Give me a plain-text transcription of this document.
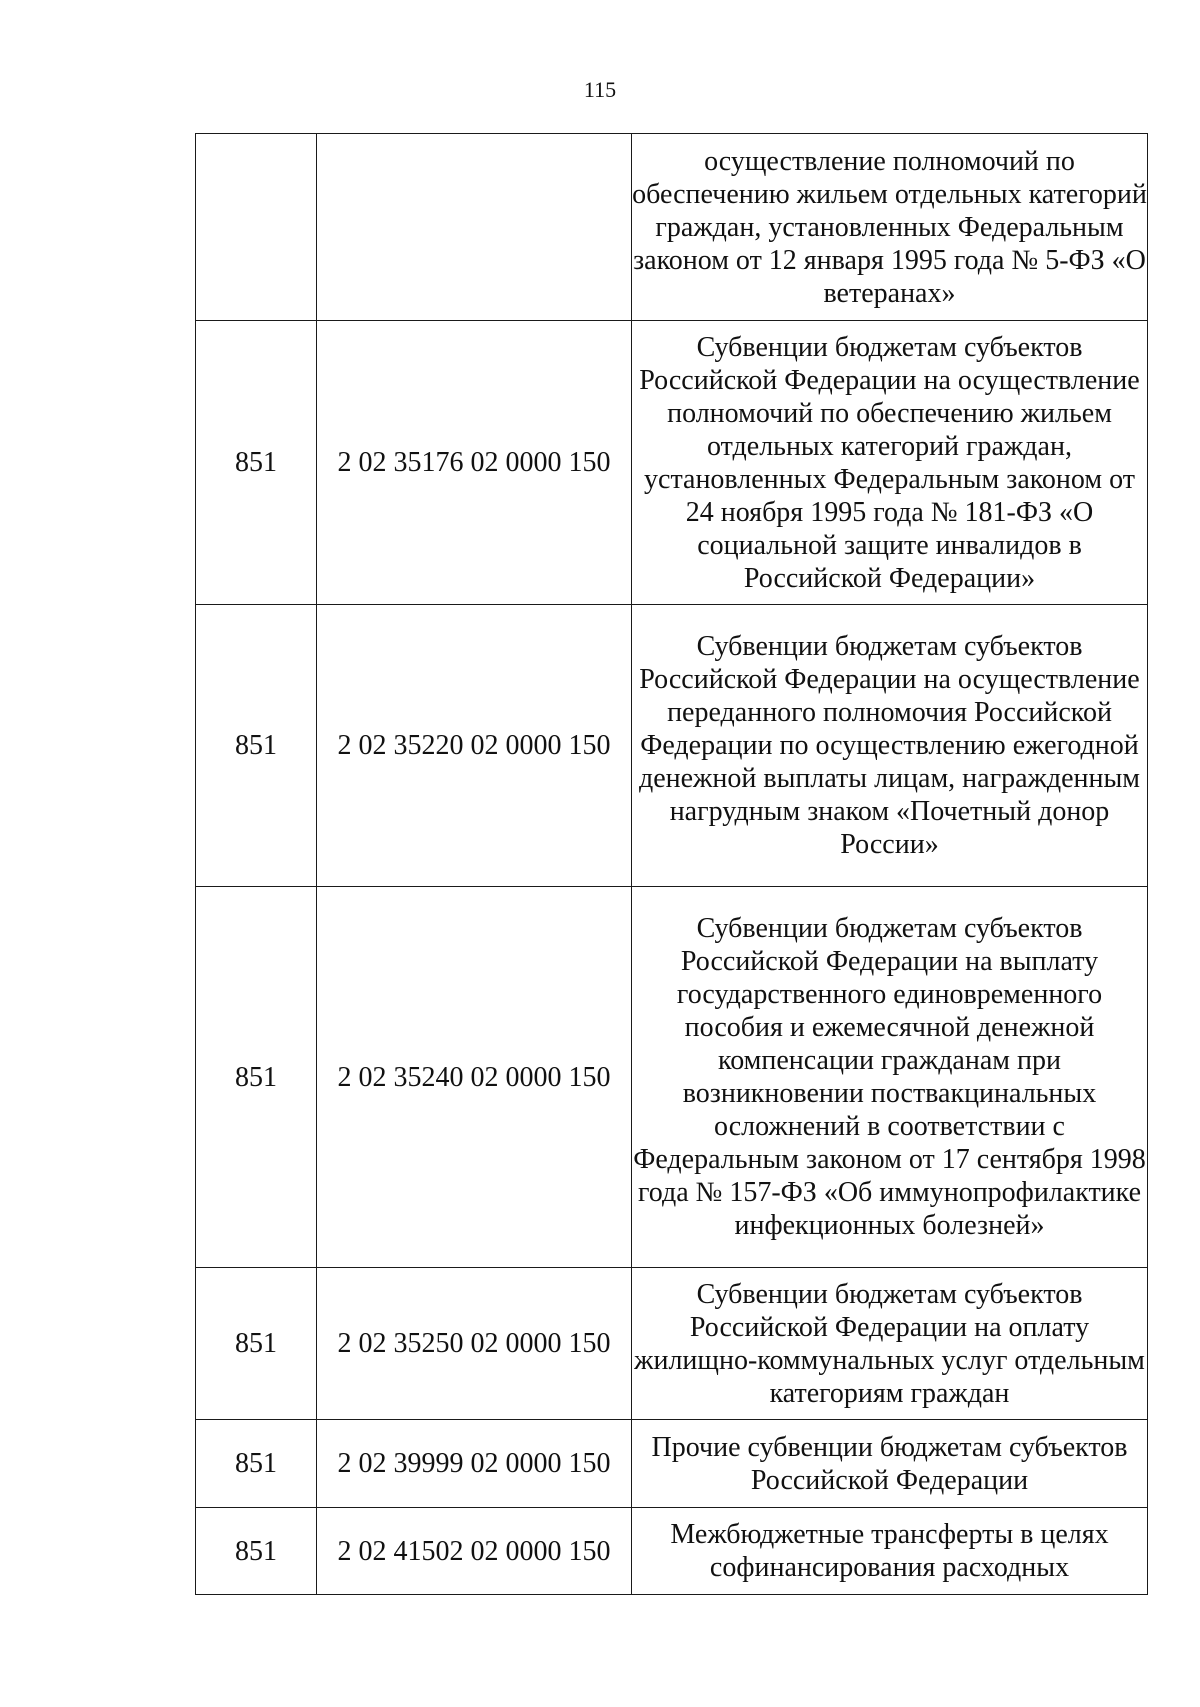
115
		осуществление полномочий по обеспечению жильем отдельных категорий граждан, установленных Федеральным законом от 12 января 1995 года № 5-ФЗ «О ветеранах»
851	2 02 35176 02 0000 150	Субвенции бюджетам субъектов Российской Федерации на осуществление полномочий по обеспечению жильем отдельных категорий граждан, установленных Федеральным законом от 24 ноября 1995 года № 181-ФЗ «О социальной защите инвалидов в Российской Федерации»
851	2 02 35220 02 0000 150	Субвенции бюджетам субъектов Российской Федерации на осуществление переданного полномочия Российской Федерации по осуществлению ежегодной денежной выплаты лицам, награжденным нагрудным знаком «Почетный донор России»
851	2 02 35240 02 0000 150	Субвенции бюджетам субъектов Российской Федерации на выплату государственного единовременного пособия и ежемесячной денежной компенсации гражданам при возникновении поствакцинальных осложнений в соответствии с Федеральным законом от 17 сентября 1998 года № 157-ФЗ «Об иммунопрофилактике инфекционных болезней»
851	2 02 35250 02 0000 150	Субвенции бюджетам субъектов Российской Федерации на оплату жилищно-коммунальных услуг отдельным категориям граждан
851	2 02 39999 02 0000 150	Прочие субвенции бюджетам субъектов Российской Федерации
851	2 02 41502 02 0000 150	Межбюджетные трансферты в целях софинансирования расходных
